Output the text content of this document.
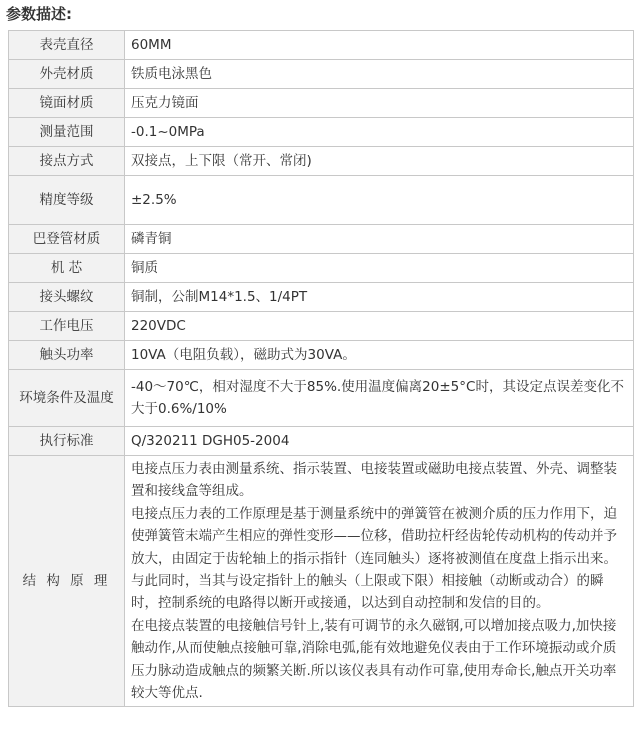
参数描述:
表壳直径	60MM
外壳材质	铁质电泳黑色
镜面材质	压克力镜面
测量范围	-0.1~0MPa
接点方式	双接点，上下限（常开、常闭)
精度等级	±2.5%
巴登管材质	磷青铜
机 芯	铜质
接头螺纹	铜制，公制M14*1.5、1/4PT
工作电压	220VDC
触头功率	10VA（电阻负载），磁助式为30VA。
环境条件及温度	-40～70℃，相对湿度不大于85%.使用温度偏离20±5°C时，其设定点误差变化不大于0.6%/10%
执行标准	Q/320211 DGH05-2004
结 构 原 理	电接点压力表由测量系统、指示装置、电接装置或磁助电接点装置、外壳、调整装置和接线盒等组成。
电接点压力表的工作原理是基于测量系统中的弹簧管在被测介质的压力作用下，迫使弹簧管末端产生相应的弹性变形——位移，借助拉杆经齿轮传动机构的传动并予放大，由固定于齿轮轴上的指示指针（连同触头）逐将被测值在度盘上指示出来。与此同时，当其与设定指针上的触头（上限或下限）相接触（动断或动合）的瞬时，控制系统的电路得以断开或接通，以达到自动控制和发信的目的。
在电接点装置的电接触信号针上,装有可调节的永久磁钢,可以增加接点吸力,加快接触动作,从而使触点接触可靠,消除电弧,能有效地避免仪表由于工作环境振动或介质压力脉动造成触点的频繁关断.所以该仪表具有动作可靠,使用寿命长,触点开关功率较大等优点.
